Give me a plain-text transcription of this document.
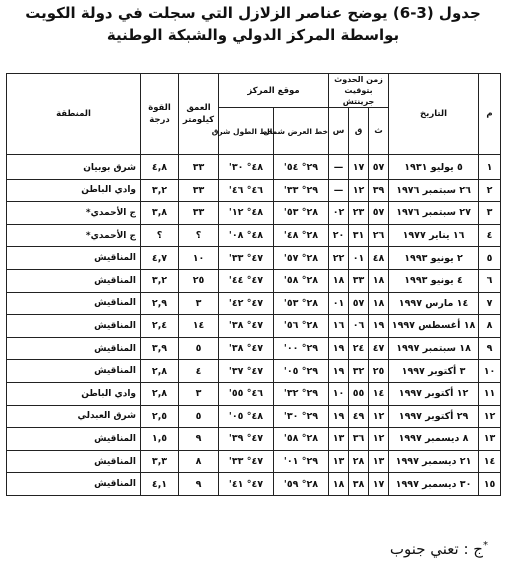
جدول (3-6) يوضح عناصر الزلازل التي سجلت في دولة الكويت
بواسطة المركز الدولي والشبكة الوطنية
م	التاريخ	زمن الحدوث بتوقيت جرينتش			موقع المركز		العمق كيلومتر	القوة درجة	المنطقة
		ث	ق	س	خط العرض شمال	خط الطول شرق			
١	٥ يوليو ١٩٣١	٥٧	١٧	—	٢٩° ٥٤'	٤٨° ٣٠'	٣٣	٤,٨	شرق بوبيان
٢	٢٦ سبتمبر ١٩٧٦	٣٩	١٢	—	٢٩° ٣٣'	٤٦° ٤٦'	٣٣	٣,٢	وادي الباطن
٣	٢٧ سبتمبر ١٩٧٦	٥٧	٢٣	٠٢	٢٨° ٥٣'	٤٨° ١٢'	٣٣	٣,٨	ج الأحمدي*
٤	١٦ يناير ١٩٧٧	٢٦	٣١	٢٠	٢٨° ٤٨'	٤٨° ٠٨'	؟	؟	ج الأحمدي*
٥	٢ يونيو ١٩٩٣	٤٨	٠١	٢٢	٢٨° ٥٧'	٤٧° ٣٣'	١٠	٤,٧	المناقيش
٦	٤ يونيو ١٩٩٣	١٨	٣٣	١٨	٢٨° ٥٨'	٤٧° ٤٤'	٢٥	٣,٢	المناقيش
٧	١٤ مارس ١٩٩٧	١٨	٥٧	٠١	٢٨° ٥٣'	٤٧° ٤٢'	٣	٢,٩	المناقيش
٨	١٨ أغسطس ١٩٩٧	١٩	٠٦	١٦	٢٨° ٥٦'	٤٧° ٣٨'	١٤	٢,٤	المناقيش
٩	١٨ سبتمبر ١٩٩٧	٤٧	٢٤	١٩	٢٩° ٠٠'	٤٧° ٣٨'	٥	٣,٩	المناقيش
١٠	٣ أكتوبر ١٩٩٧	٢٥	٣٢	١٩	٢٩° ٠٥'	٤٧° ٣٧'	٤	٢,٨	المناقيش
١١	١٢ أكتوبر ١٩٩٧	١٤	٥٥	١٠	٢٩° ٣٢'	٤٦° ٥٥'	٣	٢,٨	وادي الباطن
١٢	٢٩ أكتوبر ١٩٩٧	١٢	٤٩	١٩	٢٩° ٣٠'	٤٨° ٠٥'	٥	٢,٥	شرق العبدلي
١٣	٨ ديسمبر ١٩٩٧	١٢	٣٦	١٣	٢٨° ٥٨'	٤٧° ٣٩'	٩	١,٥	المناقيش
١٤	٢١ ديسمبر ١٩٩٧	١٣	٢٨	١٣	٢٩° ٠١'	٤٧° ٣٣'	٨	٣,٣	المناقيش
١٥	٣٠ ديسمبر ١٩٩٧	١٧	٣٨	١٨	٢٨° ٥٩'	٤٧° ٤١'	٩	٤,١	المناقيش
*ج : تعني جنوب
